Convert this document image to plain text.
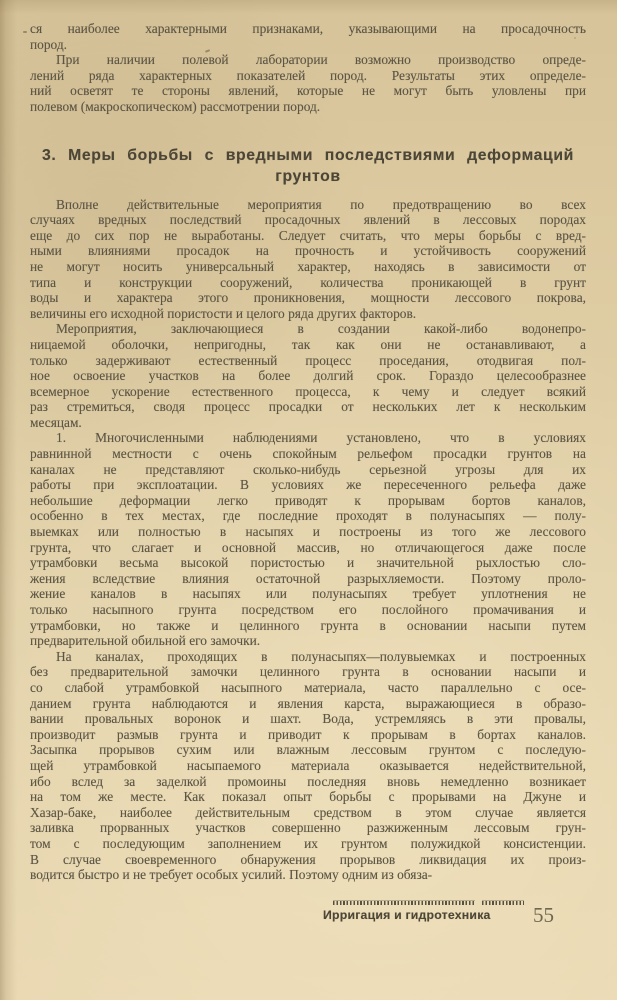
ся наиболее характерными признаками, указывающими на просадочность
пород.
При наличии полевой лаборатории возможно производство опреде-
лений ряда характерных показателей пород. Результаты этих определе-
ний осветят те стороны явлений, которые не могут быть уловлены при
полевом (макроскопическом) рассмотрении пород.
3. Меры борьбы с вредными последствиями деформаций
грунтов
Вполне действительные мероприятия по предотвращению во всех
случаях вредных последствий просадочных явлений в лессовых породах
еще до сих пор не выработаны. Следует считать, что меры борьбы с вред-
ными влияниями просадок на прочность и устойчивость сооружений
не могут носить универсальный характер, находясь в зависимости от
типа и конструкции сооружений, количества проникающей в грунт
воды и характера этого проникновения, мощности лессового покрова,
величины его исходной пористости и целого ряда других факторов.
Мероприятия, заключающиеся в создании какой-либо водонепро-
ницаемой оболочки, непригодны, так как они не останавливают, а
только задерживают естественный процесс проседания, отодвигая пол-
ное освоение участков на более долгий срок. Гораздо целесообразнее
всемерное ускорение естественного процесса, к чему и следует всякий
раз стремиться, сводя процесс просадки от нескольких лет к нескольким
месяцам.
1. Многочисленными наблюдениями установлено, что в условиях
равнинной местности с очень спокойным рельефом просадки грунтов на
каналах не представляют сколько-нибудь серьезной угрозы для их
работы при эксплоатации. В условиях же пересеченного рельефа даже
небольшие деформации легко приводят к прорывам бортов каналов,
особенно в тех местах, где последние проходят в полунасыпях — полу-
выемках или полностью в насыпях и построены из того же лессового
грунта, что слагает и основной массив, но отличающегося даже после
утрамбовки весьма высокой пористостью и значительной рыхлостью сло-
жения вследствие влияния остаточной разрыхляемости. Поэтому проло-
жение каналов в насыпях или полунасыпях требует уплотнения не
только насыпного грунта посредством его послойного промачивания и
утрамбовки, но также и целинного грунта в основании насыпи путем
предварительной обильной его замочки.
На каналах, проходящих в полунасыпях—полувыемках и построенных
без предварительной замочки целинного грунта в основании насыпи и
со слабой утрамбовкой насыпного материала, часто параллельно с осе-
данием грунта наблюдаются и явления карста, выражающиеся в образо-
вании провальных воронок и шахт. Вода, устремляясь в эти провалы,
производит размыв грунта и приводит к прорывам в бортах каналов.
Засыпка прорывов сухим или влажным лессовым грунтом с последую-
щей утрамбовкой насыпаемого материала оказывается недействительной,
ибо вслед за заделкой промоины последняя вновь немедленно возникает
на том же месте. Как показал опыт борьбы с прорывами на Джуне и
Хазар-баке, наиболее действительным средством в этом случае является
заливка прорванных участков совершенно разжиженным лессовым грун-
том с последующим заполнением их грунтом полужидкой консистенции.
В случае своевременного обнаружения прорывов ликвидация их произ-
водится быстро и не требует особых усилий. Поэтому одним из обяза-
Ирригация и гидротехника	55
